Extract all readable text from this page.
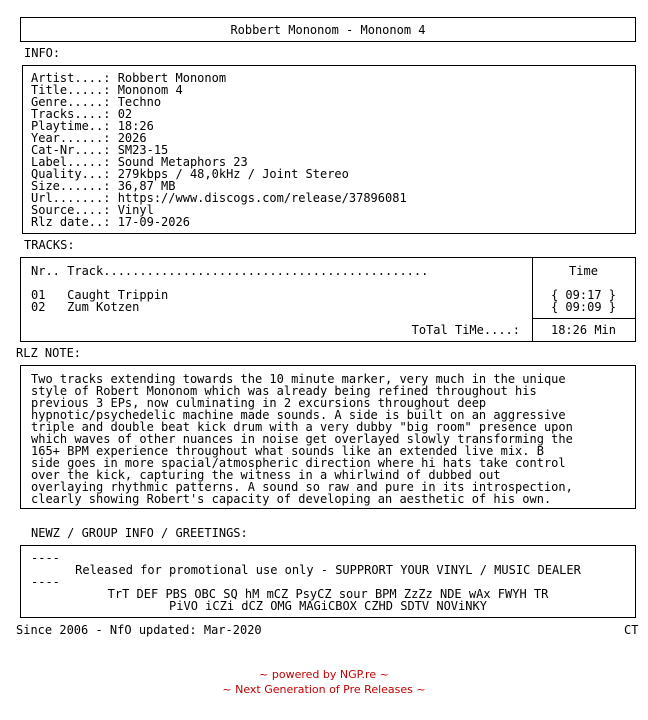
Robbert Mononom - Mononom 4
INFO:
Artist....: Robbert Mononom
Title.....: Mononom 4
Genre.....: Techno
Tracks....: 02
Playtime..: 18:26
Year......: 2026
Cat-Nr....: SM23-15
Label.....: Sound Metaphors 23
Quality...: 279kbps / 48,0kHz / Joint Stereo
Size......: 36,87 MB
Url.......: https://www.discogs.com/release/37896081
Source....: Vinyl
Rlz date..: 17-09-2026
TRACKS:
Nr.. Track.............................................	Time
01   Caught Trippin	{ 09:17 }
02   Zum Kotzen	{ 09:09 }
ToTal TiMe....:	18:26 Min
RLZ NOTE:
Two tracks extending towards the 10 minute marker, very much in the unique
style of Robert Mononom which was already being refined throughout his
previous 3 EPs, now culminating in 2 excursions throughout deep
hypnotic/psychedelic machine made sounds. A side is built on an aggressive
triple and double beat kick drum with a very dubby "big room" presence upon
which waves of other nuances in noise get overlayed slowly transforming the
165+ BPM experience throughout what sounds like an extended live mix. B
side goes in more spacial/atmospheric direction where hi hats take control
over the kick, capturing the witness in a whirlwind of dubbed out
overlaying rhythmic patterns. A sound so raw and pure in its introspection,
clearly showing Robert's capacity of developing an aesthetic of his own.
NEWZ / GROUP INFO / GREETINGS:
----
Released for promotional use only - SUPPRORT YOUR VINYL / MUSIC DEALER
----
TrT DEF PBS OBC SQ hM mCZ PsyCZ sour BPM ZzZz NDE wAx FWYH TR
PiVO iCZi dCZ OMG MAGiCBOX CZHD SDTV NOViNKY
Since 2006 - NfO updated: Mar-2020	CT
~ powered by NGP.re ~
~ Next Generation of Pre Releases ~
